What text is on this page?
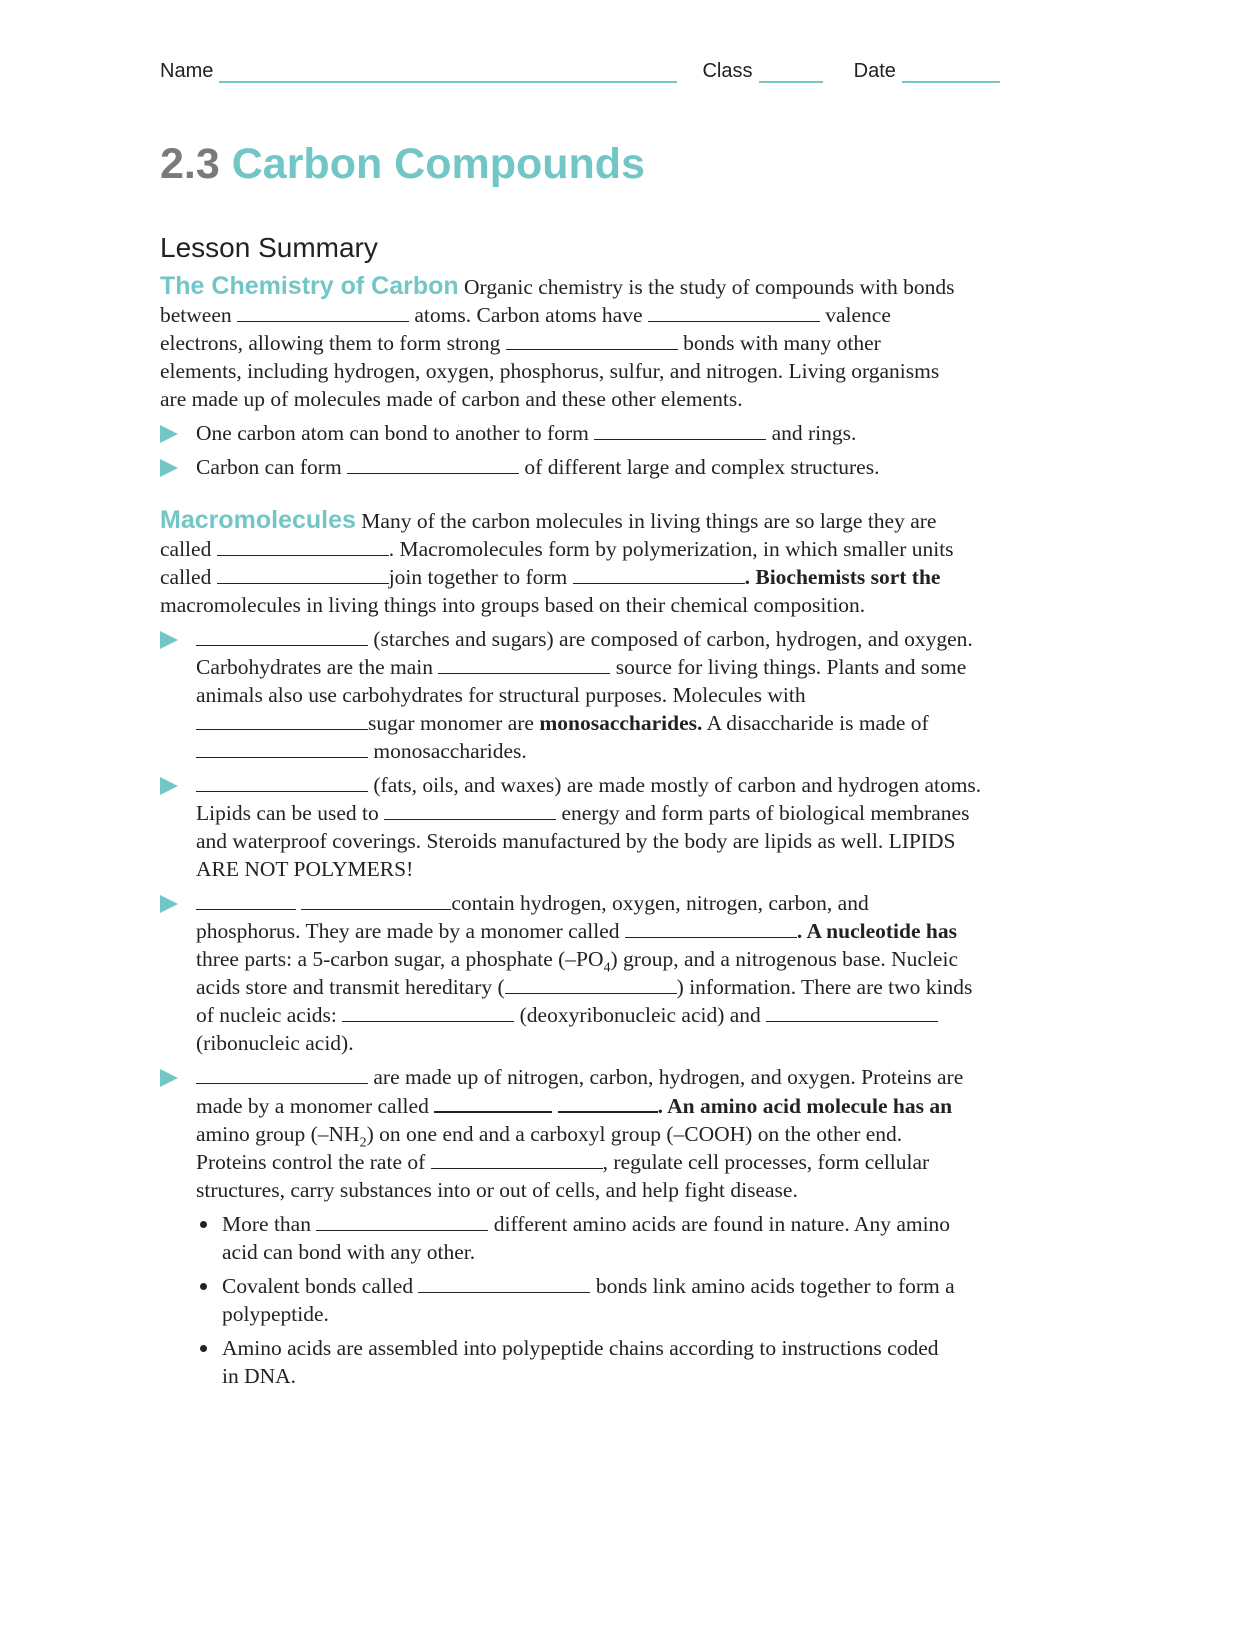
Name	Class	Date
2.3 Carbon Compounds
Lesson Summary
The Chemistry of Carbon Organic chemistry is the study of compounds with bonds
between	atoms. Carbon atoms have	valence
electrons, allowing them to form strong	bonds with many other
elements, including hydrogen, oxygen, phosphorus, sulfur, and nitrogen. Living organisms
are made up of molecules made of carbon and these other elements.
One carbon atom can bond to another to form	and rings.
Carbon can form	of different large and complex structures.
Macromolecules Many of the carbon molecules in living things are so large they are
called	. Macromolecules form by polymerization, in which smaller units
called	join together to form	. Biochemists sort the
macromolecules in living things into groups based on their chemical composition.
(starches and sugars) are composed of carbon, hydrogen, and oxygen.
Carbohydrates are the main	source for living things. Plants and some
animals also use carbohydrates for structural purposes. Molecules with
sugar monomer are monosaccharides. A disaccharide is made of
monosaccharides.
(fats, oils, and waxes) are made mostly of carbon and hydrogen atoms.
Lipids can be used to	energy and form parts of biological membranes
and waterproof coverings. Steroids manufactured by the body are lipids as well. LIPIDS
ARE NOT POLYMERS!
contain hydrogen, oxygen, nitrogen, carbon, and
phosphorus. They are made by a monomer called	. A nucleotide has
three parts: a 5-carbon sugar, a phosphate $(-PO_4)$ group, and a nitrogenous base. Nucleic
acids store and transmit hereditary (	) information. There are two kinds
of nucleic acids:	(deoxyribonucleic acid) and
(ribonucleic acid).
are made up of nitrogen, carbon, hydrogen, and oxygen. Proteins are
made by a monomer called	. An amino acid molecule has an
amino group $(-NH_2)$ on one end and a carboxyl group (–COOH) on the other end.
Proteins control the rate of	, regulate cell processes, form cellular
structures, carry substances into or out of cells, and help fight disease.
More than	different amino acids are found in nature. Any amino
acid can bond with any other.
Covalent bonds called	bonds link amino acids together to form a
polypeptide.
Amino acids are assembled into polypeptide chains according to instructions coded
in DNA.
